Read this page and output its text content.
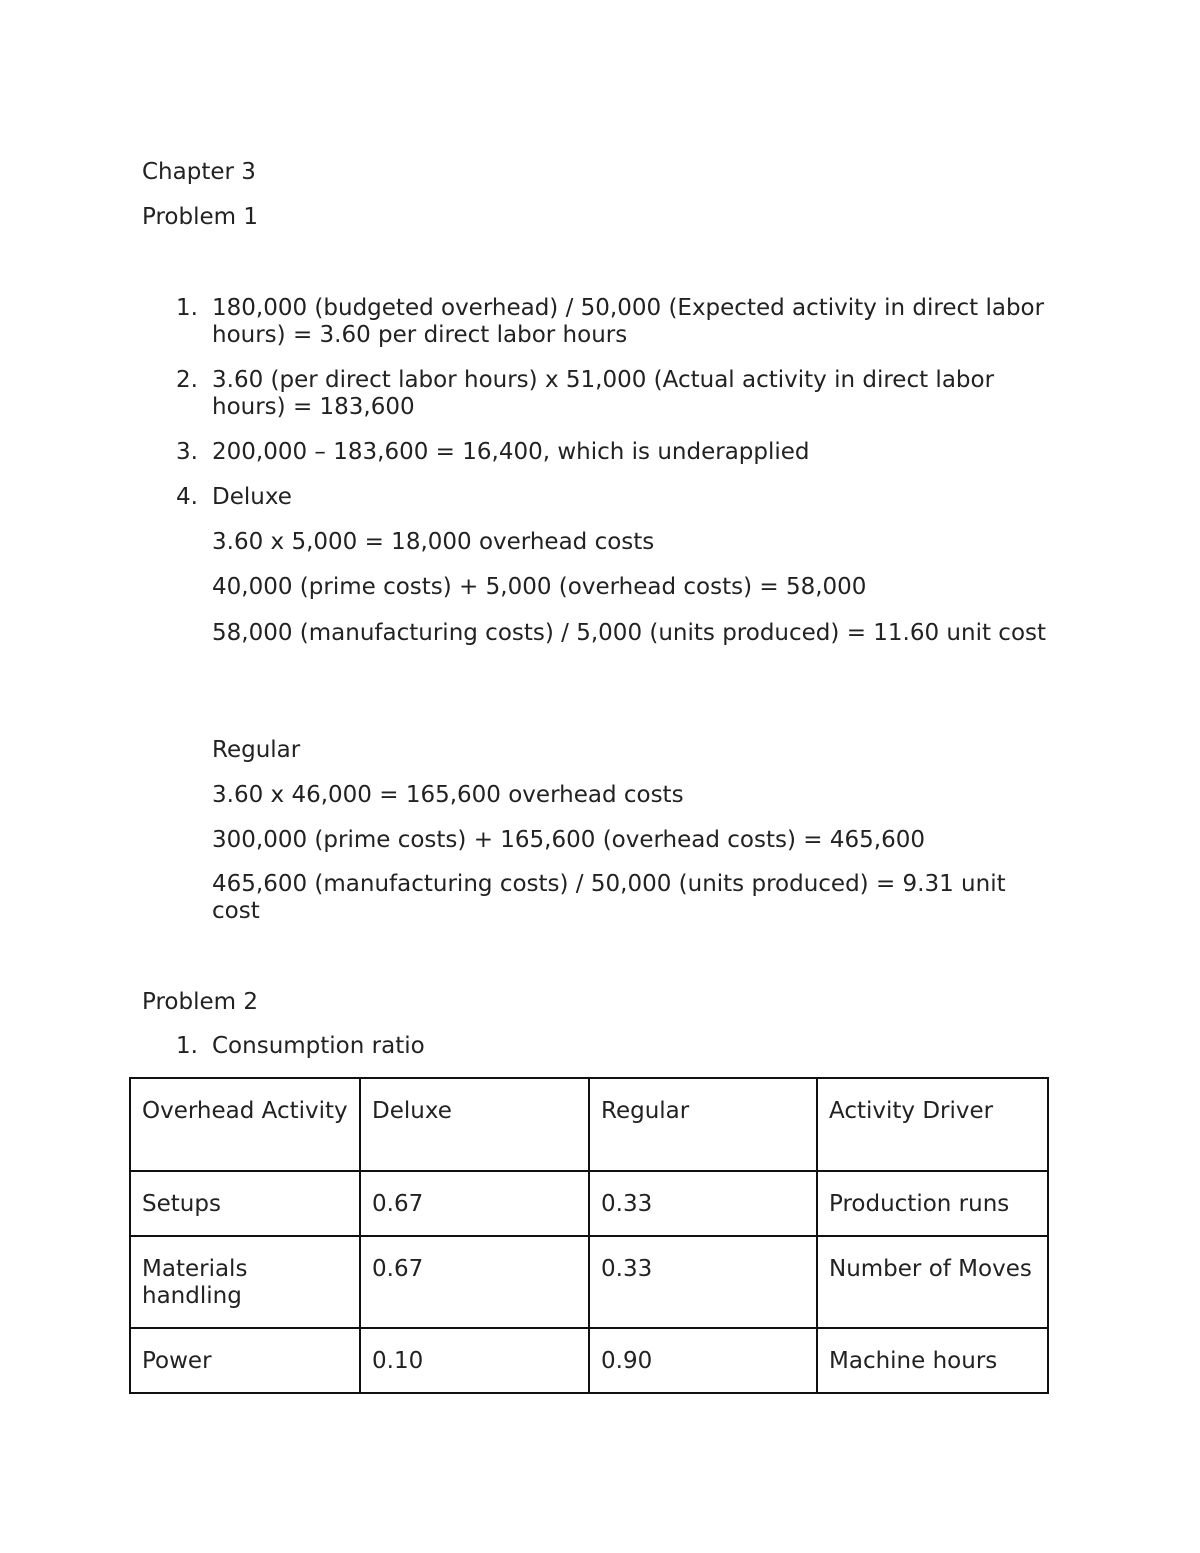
Chapter 3
Problem 1
1. 180,000 (budgeted overhead) / 50,000 (Expected activity in direct labor hours) = 3.60 per direct labor hours
2. 3.60 (per direct labor hours) x 51,000 (Actual activity in direct labor hours) = 183,600
3. 200,000 – 183,600 = 16,400, which is underapplied
4. Deluxe
3.60 x 5,000 = 18,000 overhead costs
40,000 (prime costs) + 5,000 (overhead costs) = 58,000
58,000 (manufacturing costs) / 5,000 (units produced) = 11.60 unit cost
Regular
3.60 x 46,000 = 165,600 overhead costs
300,000 (prime costs) + 165,600 (overhead costs) = 465,600
465,600 (manufacturing costs) / 50,000 (units produced) = 9.31 unit cost
Problem 2
1. Consumption ratio
Overhead Activity	Deluxe	Regular	Activity Driver
Setups	0.67	0.33	Production runs
Materials handling	0.67	0.33	Number of Moves
Power	0.10	0.90	Machine hours
